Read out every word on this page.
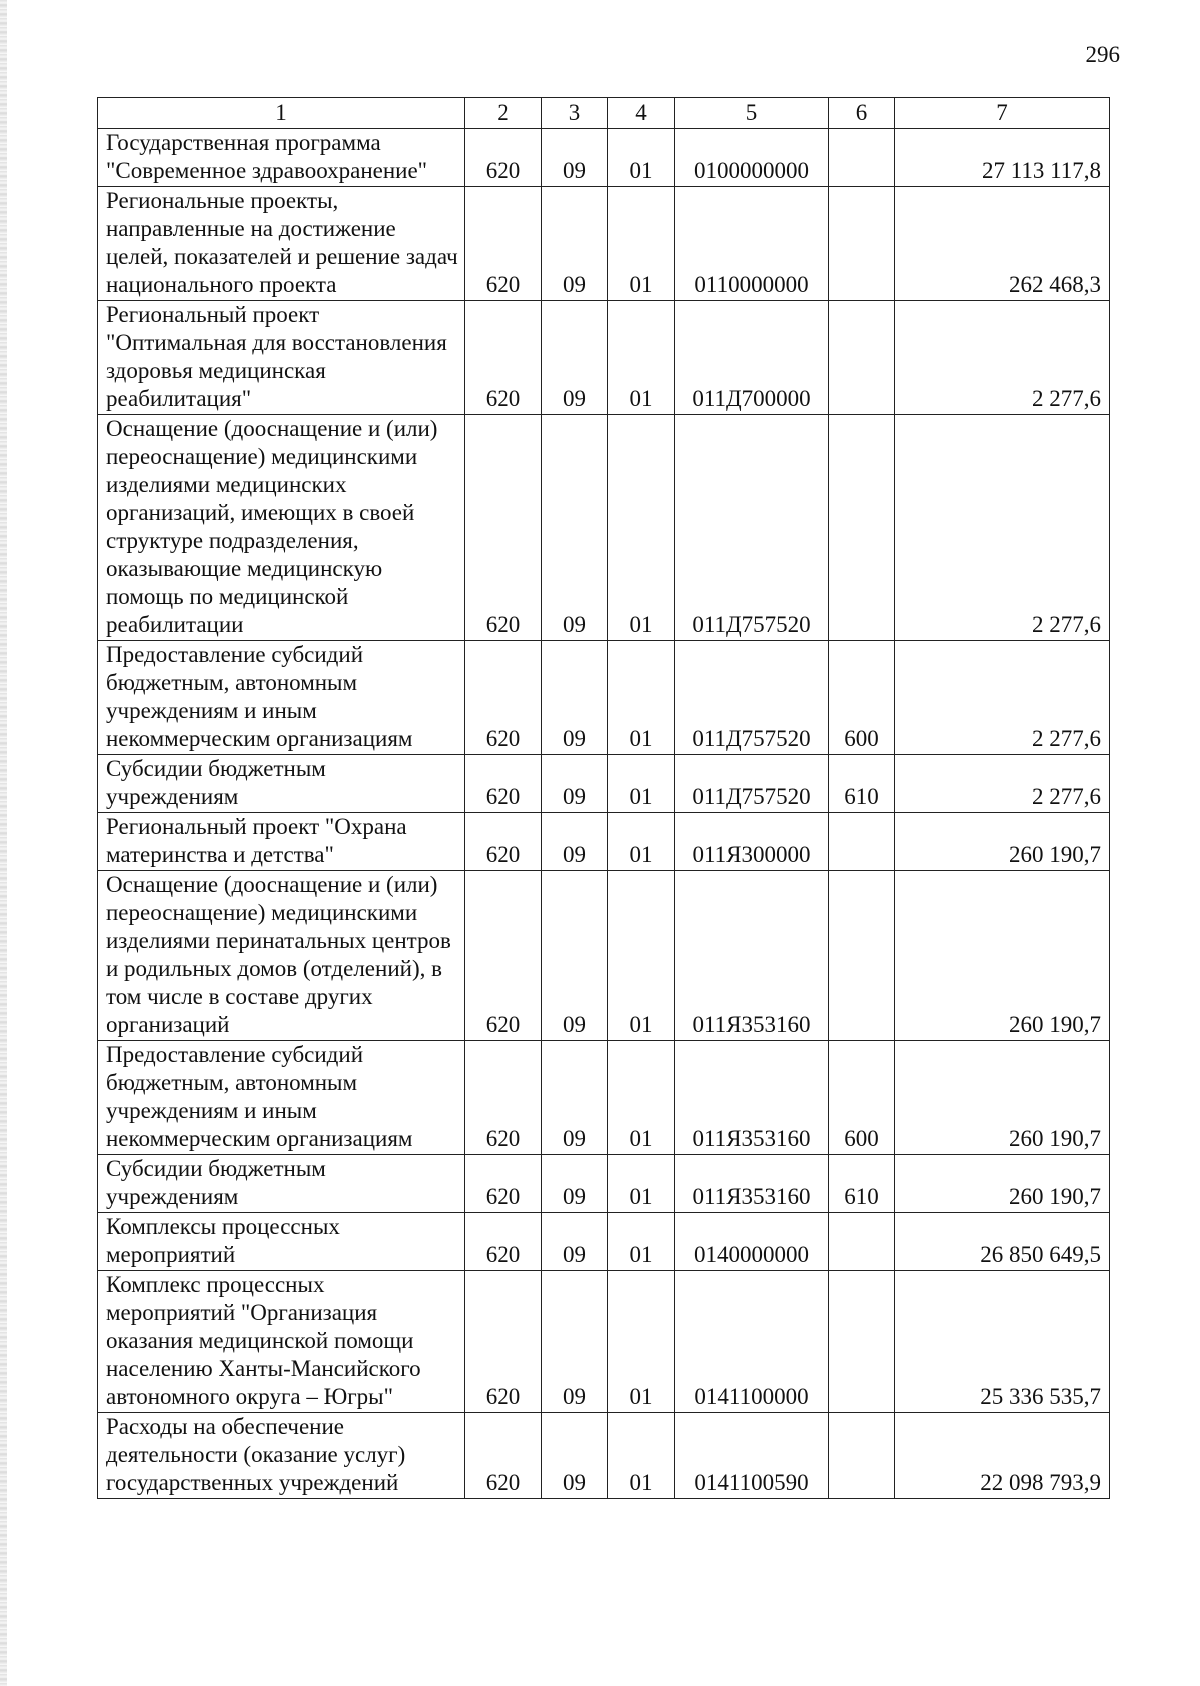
296
1	2	3	4	5	6	7
Государственная программа "Современное здравоохранение"	620	09	01	0100000000		27 113 117,8
Региональные проекты, направленные на достижение целей, показателей и решение задач национального проекта	620	09	01	0110000000		262 468,3
Региональный проект "Оптимальная для восстановления здоровья медицинская реабилитация"	620	09	01	011Д700000		2 277,6
Оснащение (дооснащение и (или) переоснащение) медицинскими изделиями медицинских организаций, имеющих в своей структуре подразделения, оказывающие медицинскую помощь по медицинской реабилитации	620	09	01	011Д757520		2 277,6
Предоставление субсидий бюджетным, автономным учреждениям и иным некоммерческим организациям	620	09	01	011Д757520	600	2 277,6
Субсидии бюджетным учреждениям	620	09	01	011Д757520	610	2 277,6
Региональный проект "Охрана материнства и детства"	620	09	01	011Я300000		260 190,7
Оснащение (дооснащение и (или) переоснащение) медицинскими изделиями перинатальных центров и родильных домов (отделений), в том числе в составе других организаций	620	09	01	011Я353160		260 190,7
Предоставление субсидий бюджетным, автономным учреждениям и иным некоммерческим организациям	620	09	01	011Я353160	600	260 190,7
Субсидии бюджетным учреждениям	620	09	01	011Я353160	610	260 190,7
Комплексы процессных мероприятий	620	09	01	0140000000		26 850 649,5
Комплекс процессных мероприятий "Организация оказания медицинской помощи населению Ханты-Мансийского автономного округа – Югры"	620	09	01	0141100000		25 336 535,7
Расходы на обеспечение деятельности (оказание услуг) государственных учреждений	620	09	01	0141100590		22 098 793,9
